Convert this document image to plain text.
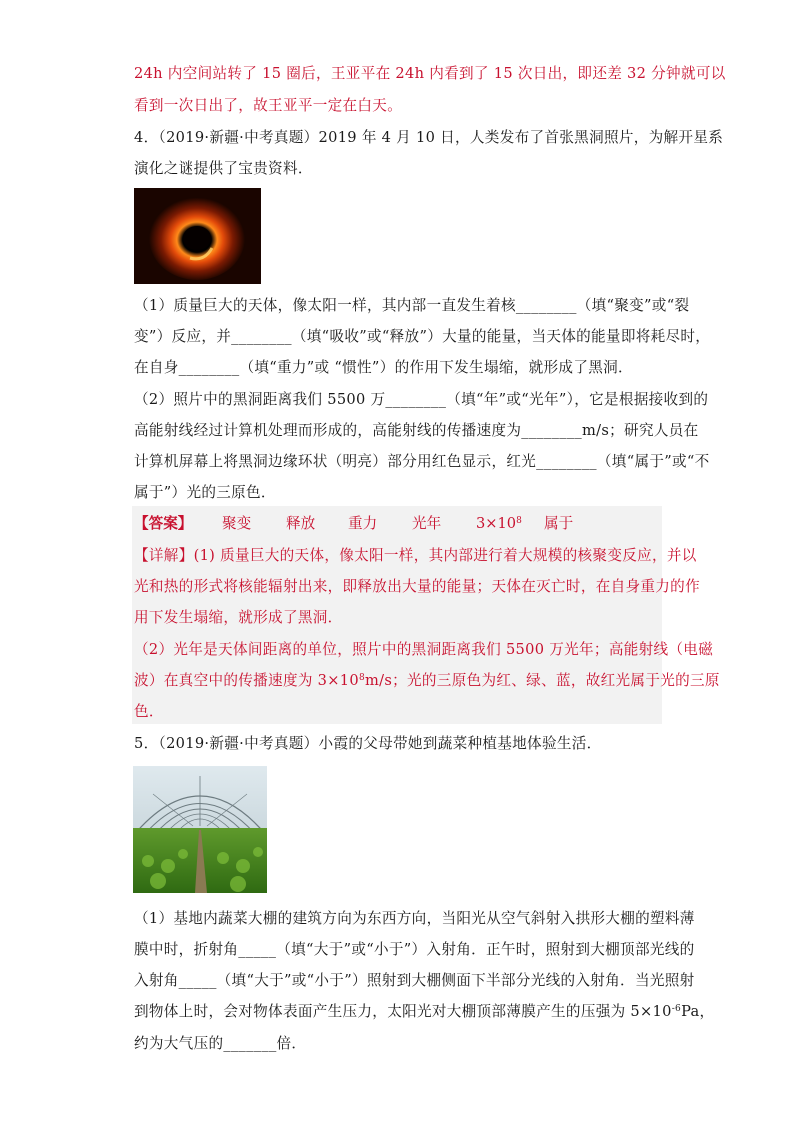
24h 内空间站转了 15 圈后，王亚平在 24h 内看到了 15 次日出，即还差 32 分钟就可以
看到一次日出了，故王亚平一定在白天。
4．（2019·新疆·中考真题）2019 年 4 月 10 日，人类发布了首张黑洞照片，为解开星系
演化之谜提供了宝贵资料．
（1）质量巨大的天体，像太阳一样，其内部一直发生着核________（填“聚变”或“裂
变”）反应，并________（填“吸收”或“释放”）大量的能量，当天体的能量即将耗尽时，
在自身________（填“重力”或 “惯性”）的作用下发生塌缩，就形成了黑洞．
（2）照片中的黑洞距离我们 5500 万________（填“年”或“光年”），它是根据接收到的
高能射线经过计算机处理而形成的，高能射线的传播速度为________m/s；研究人员在
计算机屏幕上将黑洞边缘环状（明亮）部分用红色显示，红光________（填“属于”或“不
属于”）光的三原色．
【答案】 聚变 释放 重力 光年 $3\times 10^8$ 属于
【详解】(1) 质量巨大的天体，像太阳一样，其内部进行着大规模的核聚变反应，并以
光和热的形式将核能辐射出来，即释放出大量的能量；天体在灭亡时，在自身重力的作
用下发生塌缩，就形成了黑洞．
（2）光年是天体间距离的单位，照片中的黑洞距离我们 5500 万光年；高能射线（电磁
波）在真空中的传播速度为 $3\times 10^8m/s$；光的三原色为红、绿、蓝，故红光属于光的三原
色．
5．（2019·新疆·中考真题）小霞的父母带她到蔬菜种植基地体验生活．
（1）基地内蔬菜大棚的建筑方向为东西方向，当阳光从空气斜射入拱形大棚的塑料薄
膜中时，折射角_____（填“大于”或“小于”）入射角．正午时，照射到大棚顶部光线的
入射角_____（填“大于”或“小于”）照射到大棚侧面下半部分光线的入射角．当光照射
到物体上时，会对物体表面产生压力，太阳光对大棚顶部薄膜产生的压强为 $5\times 10^{-6}Pa$，
约为大气压的_______倍．
